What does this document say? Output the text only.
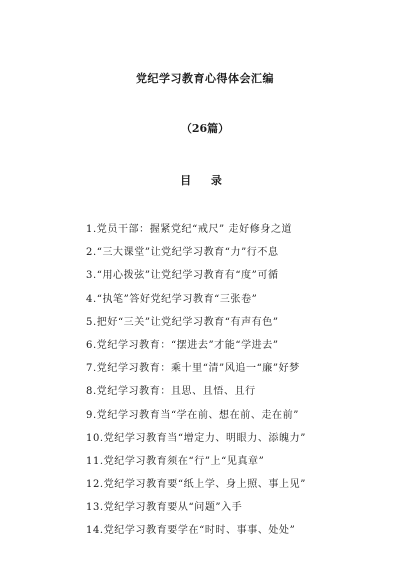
党纪学习教育心得体会汇编
（26篇）
目 录
1.党员干部：握紧党纪“戒尺” 走好修身之道
2.“三大课堂”让党纪学习教育“力”行不息
3.“用心拨弦”让党纪学习教育有“度”可循
4.“执笔”答好党纪学习教育“三张卷”
5.把好“三关”让党纪学习教育“有声有色”
6.党纪学习教育：“摆进去”才能“学进去”
7.党纪学习教育：乘十里“清”风追一“廉”好梦
8.党纪学习教育：且思、且悟、且行
9.党纪学习教育当“学在前、想在前、走在前”
10.党纪学习教育当“增定力、明眼力、添魄力”
11.党纪学习教育须在“行”上“见真章”
12.党纪学习教育要“纸上学、身上照、事上见”
13.党纪学习教育要从“问题”入手
14.党纪学习教育要学在“时时、事事、处处”
